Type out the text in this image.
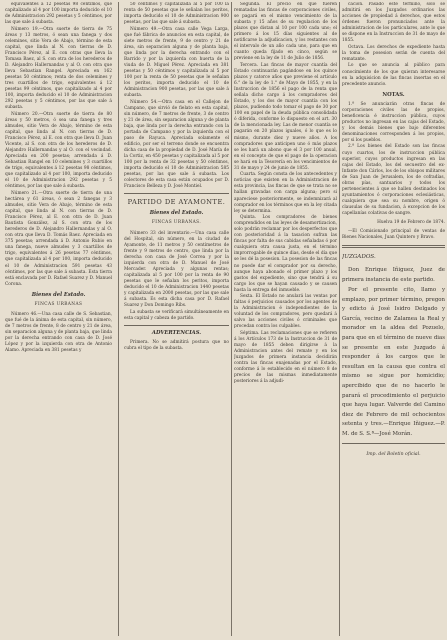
equivalentes á 12 pesetas 98 céntimos, que capitalizado al 4 por 100 importa deducido el 10 de Administracion 292 pesetas y 5 céntimos, por las que sale á subasta.

Número 19.—Otra suerte de tierra de 75 áreas y 13 metros, ó sean una fanega y dos celemines, sitio Vera de Abajo, término de esta capital, que linda al N. con tierras de D. Francisco Pérez, al E. con otras que lleva la Tomasa Baez, al S. con otra de los herederos de D. Alejandro Hallernandas y al O. con otra que lleva Sebastian Rangel. Apreciada en 162 pesetas 50 céntimos; renta de dos celemines y tres cuartillos de trigo, equivalentes á 12 pesetas 99 céntimos, que capitalizado al 4 por 100, importa deducido el 10 de Administracion 292 pesetas y 5 céntimos, por las que sale á subasta.

Número 20.—Otra suerte de tierra de 80 áreas y 50 metros, ó sea una fanega y tres almudes, sitio Vera de Abajo, término de esta capital, que linda al N. con tierras de D. Francisco Pérez, al E. con otra que lleva D. Juan Vicente, al S. con otra de los herederos de D. Alejandro Hallernandas y al O. con el vecindad. Apreciada en 200 pesetas; arrendada á D. Sebastian Rangel en 10 celemines y 3 cuartillos de trigo, equivalentes á 12 pesetas 98 céntimos, que capitalizado al 4 por 100, importa deducido el 10 de Administracion 292 pesetas y 5 céntimos, por las que sale á subasta.

Número 21.—Otra suerte de tierra de una hectárea y 61 áreas, ó sean 2 fanegas y 3 almudes, sitio Vera de Abajo, término de esta capital, que linda al N. con tierras de D. Francisco Pérez, al E. con otra de D. Juan Bautista González, al S. con otra de los herederos de D. Alejandro Hallernandas y al O. con otra que lleva D. Tomás Baez. Apreciada en 375 pesetas; arrendada á D. Antonio Rubio en una fanega, nueve almudes y 3 cuartillos de trigo, equivalentes á 26 pesetas 77 céntimos, que capitalizada al 4 por 100, importa deducido el 10 de Administracion 591 pesetas 43 céntimos, por las que sale á subasta. Esta tierra está enclavada por D. Rafael Suarez y D. Manuel Corona.

Bienes del Estado.
FINCAS URBANAS

Número 46.—Una casa calle de S. Sebastian, que fué de la ánima de esta capital, sin número, de 7 metros de frente, 8 de centro y 21 de área, sin separacion alguna y de planta baja, que linda por la derecha entrando con casa de D. José López y por la izquierda con otra de Antonio Alamo. Apreciada en 381 pesetas y

50 céntimos y capitalizada al 5 por 100 la renta de 50 pesetas que le señalan los peritos, importa deducido el 10 de Administracion 900 pesetas, por las que sale á subasta.

Número 49.—Otra casa calle Vega Larga, que fué fábrica de anuncios en esta capital, de siete metros de frente, 9 de centro y 21 de área, sin separacion alguna y de planta baja, que linda por la derecha entrando con el Barrido y por la izquierda con huerta de la viuda de D. Miguel Pérez. Apreciada en 381 pesetas y 50 céntimos y capitalizada al 5 por 100 por la renta de 50 pesetas que le señalan los peritos, importa deducido el 10 de Administracion 900 pesetas, por las que sale á subasta.

Número 54.—Otra casa en el Callejon de Campano, que sirvió de fielato en esta capital, sin número, de 7 metros de frente, 3 de centro y 21 de área, sin separacion alguna y de planta baja, que linda por la derecha entrando con la portada de Campano y por la izquierda con el paso de Rayuca. Apreciada solamente el edificio, por ser el terreno donde se encuentra dicha casa de la propiedad de D. José María de la Cortiz, en 450 pesetas y capitalizada al 5 por 100 por la renta de 32 pesetas y 50 céntimos, importa deducido el 10 de Administracion 585 pesetas, por las que sale á subasta. Los colectores de esta casa están ocupados por D. Francisco Belleza y D. José Montiel.

PARTIDO DE AYAMONTE.
Bienes del Estado.
FINCAS URBANAS.

Número 33 del inventario.—Una casa calle del Hospital, sin número, en la ciudad de Ayamonte, de 11 metros y 50 centímetros de frente y 9 metros de centro, que linda por la derecha con casa de José Correa y por la izquierda con otra de D. Manuel de José Mercader. Apreciada y algunas rentas; capitalizada al 5 por 100 por la renta de 90 pesetas que le señalan los peritos, importa deducido el 10 de Administracion 1440 pesetas y capitalizada en 2000 pesetas, por las que sale á subasta. Es esta dicha casa por D. Rafael Suarez y Don Domingo Ribs.

La subasta se verificará simultáneamente en esta capital y cabeza de partido.

ADVERTENCIAS.

Primera. No se admitirá postura que no cubra el tipo de la subasta.

Segunda. El precio en que fueren rematadas las fincas de corporaciones civiles, se pagará en el mismo vencimiento de la subasta y 15 años de su regulacion de los plazos que distan al 10 por 100 cada uno; el primero á los 15 días siguientes al de notificarse la adjudicacion, y los restantes con el intervalo de un año cada uno, para que en cuanto queda fijado en cinco, según se previene en la ley de 11 de Julio de 1856.

Tercera. Las fincas de mayor cuantía del Estado continuarán pagándose en los quince plazos y catorce años que previene el artículo 6.° de la ley de 1.° de Mayo de 1855, y en la Instruccion de 1856 el pago de la renta que señala dicho cargo á los compradores del Estado, y los dos de mayor cuantía con los plazos, pudiendo todo tomar el pago de 30 por 100 en papel de la deuda pública consolidada ó diferida, conforme lo dispuesto en el art. 30 de la mencionada ley. Las de menor cuantía se pagarán en 20 plazos iguales, ó lo que es lo mismo, durante diez y nueve años. A los compradores que anticipen uno ó más plazos se les hará un abono que el 3 por 100 anual, en el concepto de que el pago de la operacion se hará en la Tesorería en los vencimientos de 31 de mayo y 24 de junio de 1855.

Cuarta. Según consta de los antecedentes y noticias que existen en la Administracion de esta provincia, las fincas de que se trata no se hallan gravadas con carga alguna; pero si apareciese posteriormente, se indemnizará al comprador en los términos que en la ley citada ley se determina.

Quinta. Los compradores de bienes comprendidos en las leyes de desamortizacion, solo podrán reclamar por los desperfectos que con posterioridad á la tasacion sufran las fincas por falta de sus cabidas señaladas ó por cualquiera otra causa justa, en el término improrrogable de quince dias, desde el día que se les dé la posesion. La posesion de las fincas no puede dar el comprador por su derecho, aunque haya abonado el primer plazo y los gastos del expediente, sino que tendrá á su cargo los que se hayan causado y se causen hasta la entrega del inmueble.

Sexta. El Estado no anulará las ventas por faltas ó perjuicios causados por los agentes de la Administracion é independientes de la voluntad de los compradores, pero quedará á salvo las acciones civiles ó criminales que procedan contra los culpables.

Séptima. Las reclamaciones que se refieren á los Artículos 173 de la Instruccion de 31 de mayo de 1855 deben dirigirse á la Administracion antes del remate y en los Juzgados de primera instancia decidirán contra las fincas enajenadas por el Estado, conforme á lo establecido en el número 8 de precios de las mismas inmediatamente posteriores á la adjudi-

cacion. Pasado este término, sólo se admitirá en los Juzgados ordinarios las acciones de propiedad á derechos, que estos órdenes fueron pronunciados ante la administracion de los particulares, ante lo que se dispone en la Instruccion de 31 de mayo de 1855.

Octava. Los derechos de expediente hasta la toma de posesion serán de cuenta del rematante.

Lo que se anuncia al público para conocimiento de los que quieran interesarse en la adquisicion de las fincas insertas en el precedente anuncio.

NOTAS.

1.ª Se anunciarán otras fincas de corporaciones civiles las de propios, beneficencia é instruccion pública, cuyos productos no ingresan en las cajas del Estado, y los demás bienes que bajo diferentes denominaciones corresponden á los propios, por si los pueblos.

2.ª Los bienes del Estado son las fincas cuyo cuartos, los de instruccion pública superior, cuyos productos ingresan en las cajas del Estado, los del secuestro del ex-Infante don Cárlos, los de los obispos militares de San Juan de Jerusalem, los de cofradías, obras pías, santuarios y todos los pertenecientes á que se hallen destinados los ayuntamientos ó corporaciones eclesiásticas, cualquiera que sea su nombre, origen ó clausulas de su fundacion, á excepcion de los capellanías colativas de sangre.

Huelva 19 de Febrero de 1874.

—El Comisionado principal de ventas de Bienes Nacionales, Juan Quintero y Bravo.

JUZGADOS.

Don Enrique Iñiguez, Juez de primera instancia de este partido.

Por el presente cito, llamo y emplazo, por primer término, pregon y edicto á José Isidro Delgado y García, vecino de Zalamea la Real y morador en la aldea del Pozuelo, para que en el término de nueve dias se presente en este Juzgado á responder á los cargos que le resultan en la causa que contra el mismo se sigue por homicidio; apercibido que de no hacerlo le parará el procedimiento el perjuicio que haya lugar. Valverde del Camino diez de Febrero de mil ochocientos setenta y tres.—Enrique Iñiguez.—P. M. de S. S.ª—José Morán.

Imp. del Boletin oficial.
